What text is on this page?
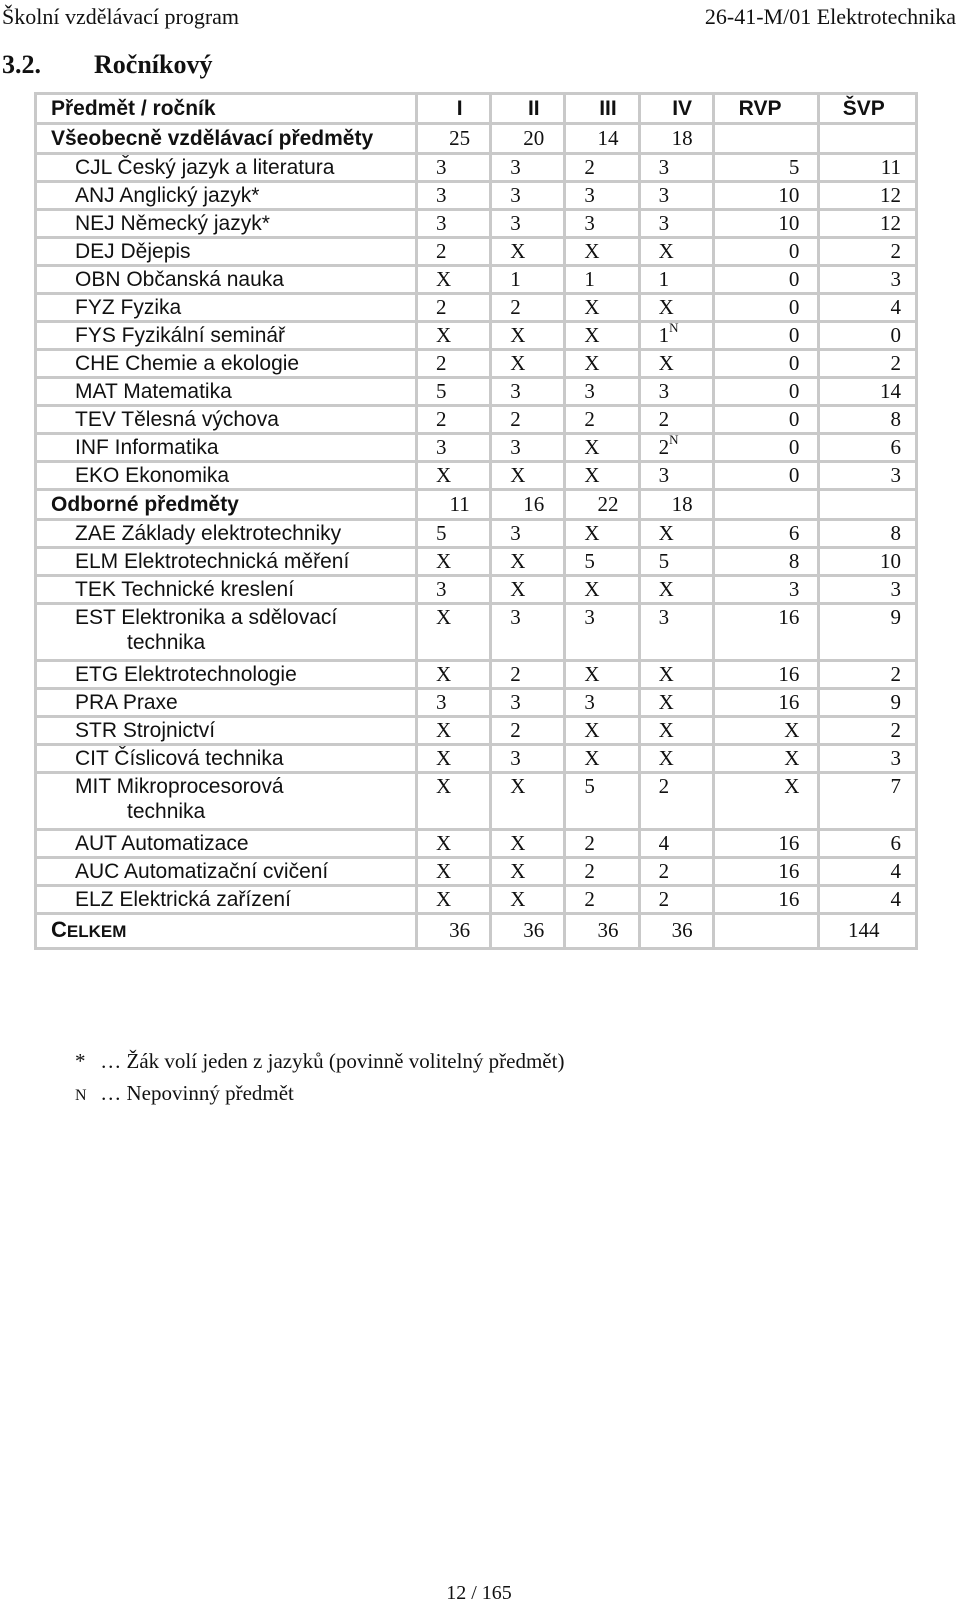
Školní vzdělávací program	26-41-M/01 Elektrotechnika
3.2. Ročníkový
Předmět / ročník	I	II	III	IV	RVP	ŠVP
Všeobecně vzdělávací předměty	25	20	14	18		
CJL Český jazyk a literatura	3	3	2	3	5	11
ANJ Anglický jazyk*	3	3	3	3	10	12
NEJ Německý jazyk*	3	3	3	3	10	12
DEJ Dějepis	2	X	X	X	0	2
OBN Občanská nauka	X	1	1	1	0	3
FYZ Fyzika	2	2	X	X	0	4
FYS Fyzikální seminář	X	X	X	$1^N$	0	0
CHE Chemie a ekologie	2	X	X	X	0	2
MAT Matematika	5	3	3	3	0	14
TEV Tělesná výchova	2	2	2	2	0	8
INF Informatika	3	3	X	$2^N$	0	6
EKO Ekonomika	X	X	X	3	0	3
Odborné předměty	11	16	22	18		
ZAE Základy elektrotechniky	5	3	X	X	6	8
ELM Elektrotechnická měření	X	X	5	5	8	10
TEK Technické kreslení	3	X	X	X	3	3
EST Elektronika a sdělovací
technika	X	3	3	3	16	9
ETG Elektrotechnologie	X	2	X	X	16	2
PRA Praxe	3	3	3	X	16	9
STR Strojnictví	X	2	X	X	X	2
CIT Číslicová technika	X	3	X	X	X	3
MIT Mikroprocesorová
technika	X	X	5	2	X	7
AUT Automatizace	X	X	2	4	16	6
AUC Automatizační cvičení	X	X	2	2	16	4
ELZ Elektrická zařízení	X	X	2	2	16	4
CELKEM	36	36	36	36		144
* … Žák volí jeden z jazyků (povinně volitelný předmět)
N … Nepovinný předmět
12 / 165
